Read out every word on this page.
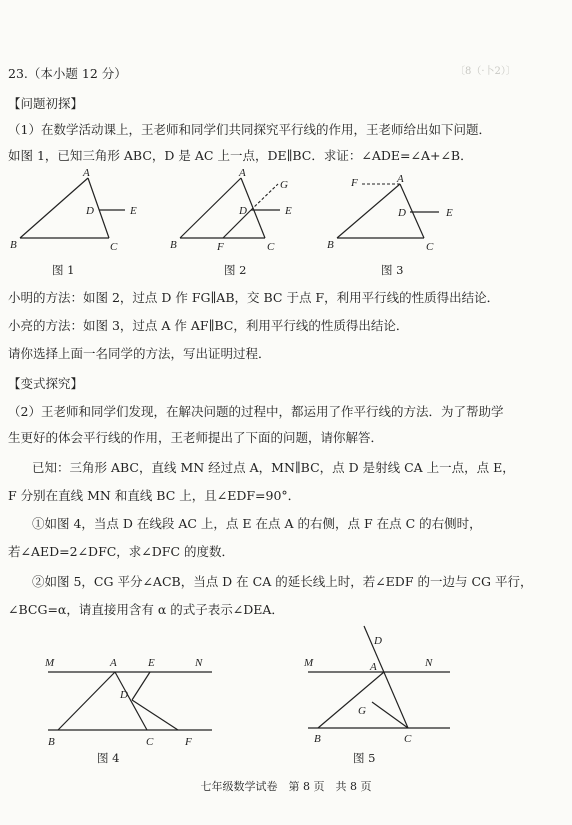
〔8（·卜2）〕
23.（本小题 12 分）
【问题初探】
（1）在数学活动课上，王老师和同学们共同探究平行线的作用，王老师给出如下问题．
如图 1，已知三角形 ABC，D 是 AC 上一点，DE∥BC．求证：∠ADE=∠A+∠B．
A
B	C
D	E
图 1
A
B	C
D	E
F
G
图 2
A
B	C
D	E
F
图 3
小明的方法：如图 2，过点 D 作 FG∥AB，交 BC 于点 F，利用平行线的性质得出结论．
小亮的方法：如图 3，过点 A 作 AF∥BC，利用平行线的性质得出结论．
请你选择上面一名同学的方法，写出证明过程．
【变式探究】
（2）王老师和同学们发现，在解决问题的过程中，都运用了作平行线的方法．为了帮助学
生更好的体会平行线的作用，王老师提出了下面的问题，请你解答．
已知：三角形 ABC，直线 MN 经过点 A，MN∥BC，点 D 是射线 CA 上一点，点 E，
F 分别在直线 MN 和直线 BC 上，且∠EDF=90°．
①如图 4，当点 D 在线段 AC 上，点 E 在点 A 的右侧，点 F 在点 C 的右侧时，
若∠AED=2∠DFC，求∠DFC 的度数．
②如图 5，CG 平分∠ACB，当点 D 在 CA 的延长线上时，若∠EDF 的一边与 CG 平行，
∠BCG=α，请直接用含有 α 的式子表示∠DEA．
M	A	E	N
D
B	C	F
图 4
D
M	A	N
G
B	C
图 5
七年级数学试卷　第 8 页　共 8 页
